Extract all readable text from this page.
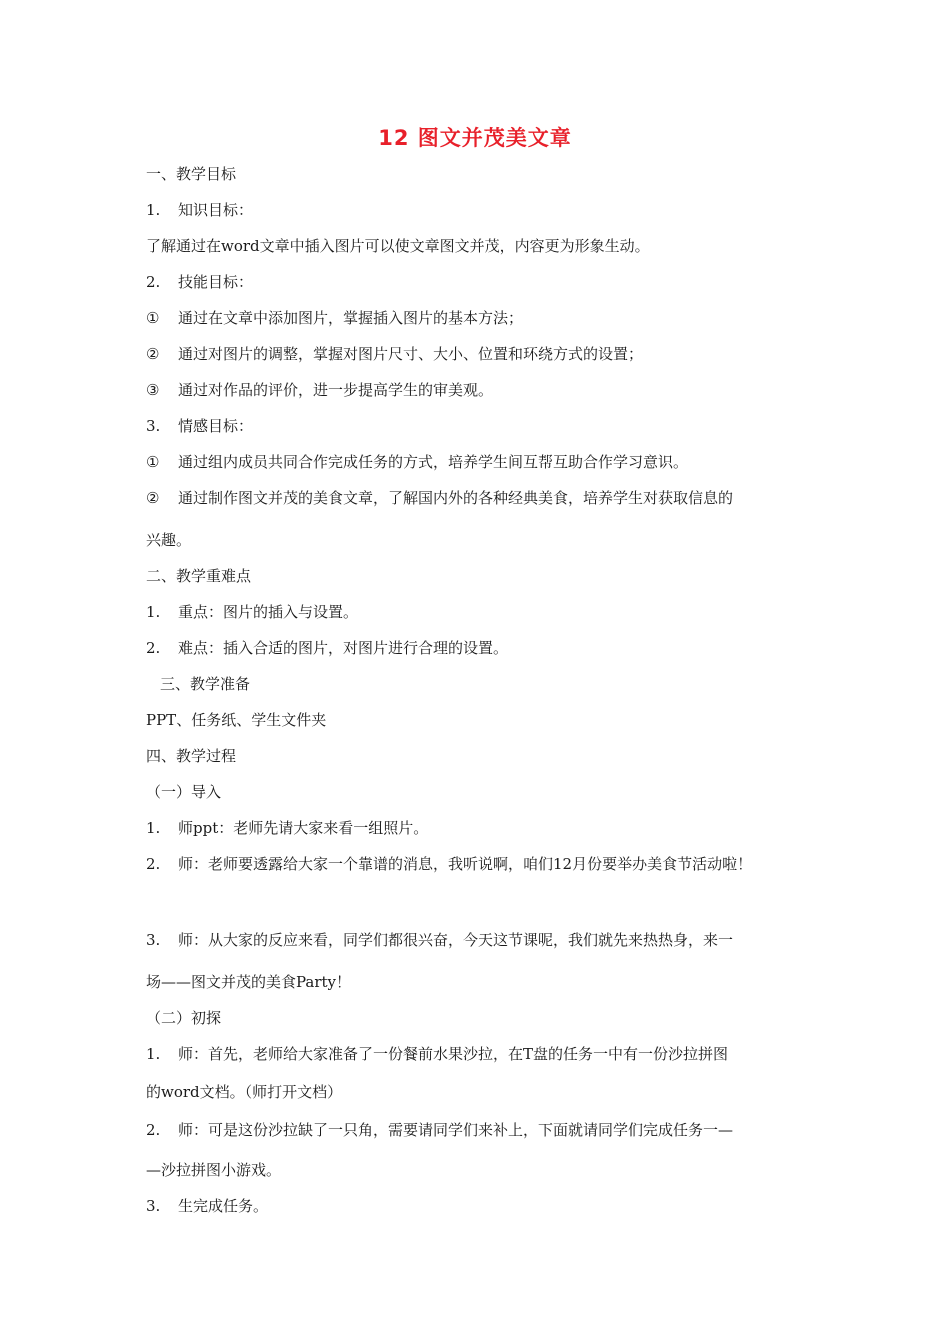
12 图文并茂美文章
一、教学目标
1. 知识目标：
了解通过在word文章中插入图片可以使文章图文并茂，内容更为形象生动。
2. 技能目标：
① 通过在文章中添加图片，掌握插入图片的基本方法；
② 通过对图片的调整，掌握对图片尺寸、大小、位置和环绕方式的设置；
③ 通过对作品的评价，进一步提高学生的审美观。
3. 情感目标：
① 通过组内成员共同合作完成任务的方式，培养学生间互帮互助合作学习意识。
② 通过制作图文并茂的美食文章，了解国内外的各种经典美食，培养学生对获取信息的
兴趣。
二、教学重难点
1. 重点：图片的插入与设置。
2. 难点：插入合适的图片，对图片进行合理的设置。
三、教学准备
PPT、任务纸、学生文件夹
四、教学过程
（一）导入
1. 师ppt：老师先请大家来看一组照片。
2. 师：老师要透露给大家一个靠谱的消息，我听说啊，咱们12月份要举办美食节活动啦！
3. 师：从大家的反应来看，同学们都很兴奋，今天这节课呢，我们就先来热热身，来一
场——图文并茂的美食Party！
（二）初探
1. 师：首先，老师给大家准备了一份餐前水果沙拉，在T盘的任务一中有一份沙拉拼图
的word文档。（师打开文档）
2. 师：可是这份沙拉缺了一只角，需要请同学们来补上，下面就请同学们完成任务一—
—沙拉拼图小游戏。
3. 生完成任务。
